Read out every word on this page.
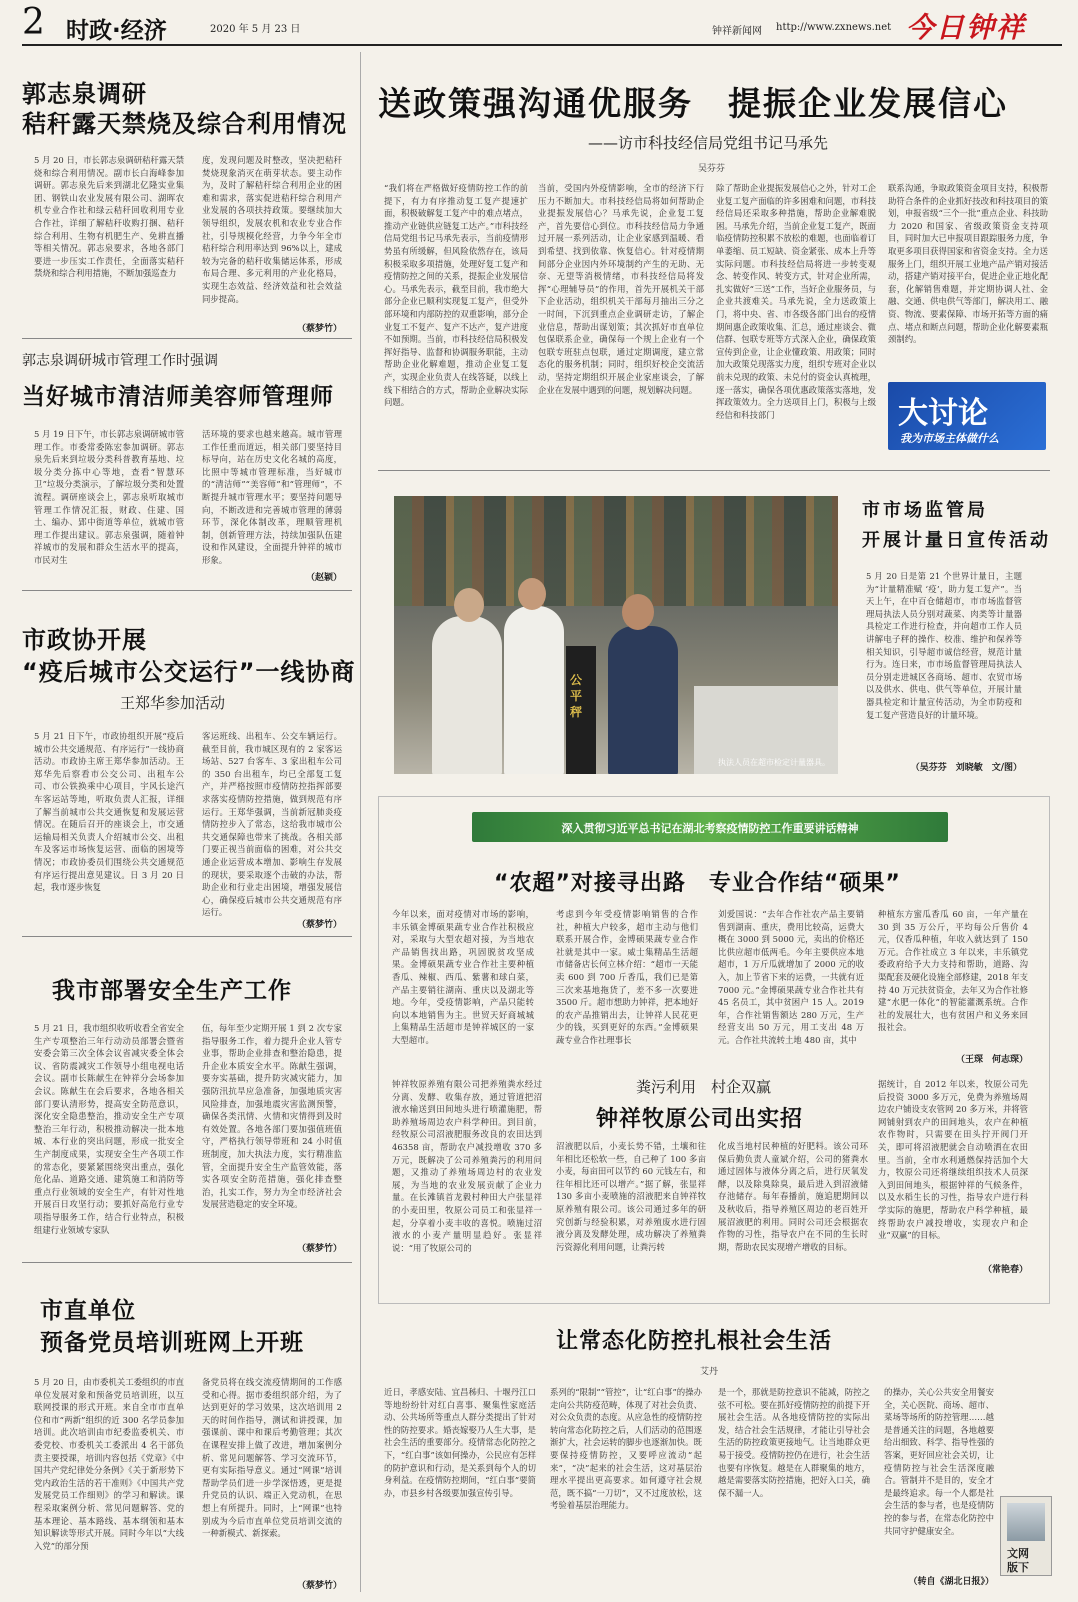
2 时政·经济	2020 年 5 月 23 日	钟祥新闻网 http://www.zxnews.net 今日钟祥
郭志泉调研
秸秆露天禁烧及综合利用情况
5 月 20 日，市长郭志泉调研秸秆露天禁烧和综合利用情况。副市长白海峰参加调研。郭志泉先后来到湖北亿隆实业集团、钢铁山农业发展有限公司、湖晖农机专业合作社和绿云秸秆回收利用专业合作社，详细了解秸秆收购打捆、秸秆综合利用、生物有机肥生产、免耕直播等相关情况。郭志泉要求，各地各部门要进一步压实工作责任，全面落实秸秆禁烧和综合利用措施，不断加强巡查力
度，发现问题及时整改，坚决把秸秆焚烧现象消灭在萌芽状态。要主动作为，及时了解秸秆综合利用企业的困难和需求，落实促进秸秆综合利用产业发展的各项扶持政策。要继续加大领导组织，发展农机和农业专业合作社，引导规模化经营，力争今年全市秸秆综合利用率达到 96%以上，建成较为完备的秸秆收集储运体系，形成布局合理、多元利用的产业化格局，实现生态效益、经济效益和社会效益同步提高。
（蔡梦竹）
郭志泉调研城市管理工作时强调
当好城市清洁师美容师管理师
5 月 19 日下午，市长郭志泉调研城市管理工作。市委常委陈宏参加调研。郭志泉先后来到垃圾分类科普教育基地、垃圾分类分拣中心等地，查看“智慧环卫”垃圾分类演示，了解垃圾分类和处置流程。调研座谈会上，郭志泉听取城市管理工作情况汇报，财政、住建、国土、编办、郢中街道等单位，就城市管理工作提出建议。郭志泉强调，随着钟祥城市的发展和群众生活水平的提高，市民对生
活环境的要求也越来越高。城市管理工作任重而道远，相关部门要坚持目标导向，站在历史文化名城的高度，比照中等城市管理标准，当好城市的“清洁师”“美容师”和“管理师”，不断提升城市管理水平；要坚持问题导向，不断改进和完善城市管理的薄弱环节，深化体制改革，理顺管理机制，创新管理方法，持续加强队伍建设和作风建设，全面提升钟祥的城市形象。
（赵颖）
市政协开展
“疫后城市公交运行”一线协商
王郑华参加活动
5 月 21 日下午，市政协组织开展“疫后城市公共交通规范、有序运行”一线协商活动。市政协主席王郑华参加活动。王郑华先后察看市公交公司、出租车公司、市公铁换乘中心项目，宇风长途汽车客运站等地，听取负责人汇报，详细了解当前城市公共交通恢复和发展运营情况。在随后召开的座谈会上，市交通运输局相关负责人介绍城市公交、出租车及客运市场恢复运营、面临的困境等情况；市政协委员们围绕公共交通规范有序运行提出意见建议。日 3 月 20 日起，我市逐步恢复
客运班线、出租车、公交车辆运行。截至目前，我市城区现有的 2 家客运场站、527 台客车、3 家出租车公司的 350 台出租车，均已全部复工复产，并严格按照市疫情防控指挥部要求落实疫情防控措施，做到规范有序运行。王郑华强调，当前新冠肺炎疫情防控步入了常态，这给我市城市公共交通保障也带来了挑战。各相关部门要正视当前面临的困难，对公共交通企业运营成本增加、影响生存发展的现状，要采取逐个击破的办法，帮助企业和行业走出困境，增强发展信心，确保疫后城市公共交通规范有序运行。
（蔡梦竹）
我市部署安全生产工作
5 月 21 日，我市组织收听收看全省安全生产专项整治三年行动动员部署会暨省安委会第三次全体会议省减灾委全体会议、省防震减灾工作领导小组电视电话会议。副市长陈献生在钟祥分会场参加会议。陈献生在会后要求，各地各相关部门要认清形势，提高安全防范意识，深化安全隐患整治，推动安全生产专项整治三年行动，积极推动解决一批本地城、本行业的突出问题，形成一批安全生产制度成果，实现安全生产各项工作的常态化，要紧紧围绕突出重点，强化危化品、道路交通、建筑施工和消防等重点行业领域的安全生产，有针对性地开展百日攻坚行动；要抓好高危行业专项指导服务工作，结合行业特点，积极组建行业领域专家队
伍，每年至少定期开展 1 到 2 次专家指导服务工作，着力提升企业人管专业事，帮助企业排查和整治隐患，提升企业本质安全水平。陈献生强调，要夯实基础，提升防灾减灾能力，加强防汛抗旱应急准备，加强地质灾害风险排查，加强地震灾害监测预警，确保各类汛情、火情和灾情得到及时有效处置。各地各部门要加强值班值守，严格执行领导带班和 24 小时值班制度，加大执法力度，实行精准监管，全面提升安全生产监管效能，落实各项安全防范措施，强化排查整治，扎实工作，努力为全市经济社会发展营造稳定的安全环境。
（蔡梦竹）
市直单位
预备党员培训班网上开班
5 月 20 日，由市委机关工委组织的市直单位发展对象和预备党员培训班，以互联网授课的形式开班。来自全市市直单位和市“两新”组织的近 300 名学员参加培训。此次培训由市纪委监委机关、市委党校、市委机关工委派出 4 名干部负责主要授课，培训内容包括《党章》《中国共产党纪律处分条例》《关于新形势下党内政治生活的若干准则》《中国共产党发展党员工作细则》的学习和解读。课程采取案例分析、常见问题解答、党的基本理论、基本路线、基本纲领和基本知识解读等形式开展。同时今年以“大线入党”的部分预
备党员将在线交流疫情期间的工作感受和心得。据市委组织部介绍，为了达到更好的学习效果，这次培训用 2 天的时间作指导，测试和讲授课，加强课前、课中和课后考勤管理；其次在课程安排上做了改进，增加案例分析、常见问题解答、学习交流环节，更有实际指导意义。通过“网课”培训帮助学员们进一步学深悟透，更是提升党员的认识、端正入党动机，在思想上有所提升。同时，上“网课”也特别成为今后市直单位党员培训交流的一种新模式、新探索。
（蔡梦竹）
送政策强沟通优服务　提振企业发展信心
——访市科技经信局党组书记马承先
吴芬芬
“我们将在严格做好疫情防控工作的前提下，有力有序推动复工复产提速扩面，积极破解复工复产中的难点堵点，推动产业链供应链复工达产。”市科技经信局党组书记马承先表示，当前疫情形势虽有所缓解，但风险依然存在，该局积极采取多项措施，处理好复工复产和疫情防控之间的关系，提振企业发展信心。马承先表示，截至目前，我市绝大部分企业已顺利实现复工复产，但受外部环境和内部防控的双重影响，部分企业复工不复产、复产不达产，复产进度不如预期。当前，市科技经信局积极发挥好指导、监督和协调服务职能，主动帮助企业化解难题，推动企业复工复产，实现企业负责人在线答疑，以线上线下相结合的方式，帮助企业解决实际问题。
当前，受国内外疫情影响，全市的经济下行压力不断加大。市科技经信局将如何帮助企业提振发展信心？马承先说，企业复工复产，首先要信心到位。市科技经信局力争通过开展一系列活动，让企业家感到温暖、看到希望、找到依靠、恢复信心。针对疫情期间部分企业因内外环境制约产生的无助、无奈、无望等消极情绪，市科技经信局将发挥“心理辅导员”的作用，首先开展机关干部下企业活动，组织机关干部每月抽出三分之一时间，下沉到重点企业调研走访，了解企业信息，帮助出谋划策；其次抓好市直单位包保联系企业，确保每一个规上企业有一个包联专班驻点包联，通过定期调度，建立常态化的服务机制；同时，组织好校企交流活动，坚持定期组织开展企业家座谈会，了解企业在发展中遇到的问题，规划解决问题。
除了帮助企业提振发展信心之外，针对工企业复工复产面临的许多困难和问题，市科技经信局还采取多种措施，帮助企业解难脱困。马承先介绍，当前企业复工复产，既面临疫情防控积累不放松的难题，也面临着订单萎缩、员工短缺、资金紧张、成本上升等实际问题。市科技经信局将进一步转变观念、转变作风、转变方式，针对企业所需，扎实做好“三送”工作，当好企业服务员，与企业共渡难关。马承先说，全力送政策上门，将中央、省、市各级各部门出台的疫情期间惠企政策收集、汇总，通过座谈会、微信群、包联专班等方式深入企业，确保政策宣传到企业，让企业懂政策、用政策；同时加大政策兑现落实力度，组织专班对企业以前未兑现的政策、未兑付的资金认真梳理，逐一落实，确保各项优惠政策落实落地，发挥政策效力。全力送项目上门，积极与上级经信和科技部门
联系沟通，争取政策资金项目支持，积极帮助符合条件的企业抓好技改和科技项目的策划，申报省级“三个一批”重点企业、科技助力 2020 和国家、省级政策资金支持项目，同时加大已申报项目跟踪服务力度，争取更多项目获得国家和省资金支持。全力送服务上门，组织开展工业地产品产销对接活动，搭建产销对接平台，促进企业正地化配套，化解销售难题，并定期协调人社、金融、交通、供电供气等部门，解决用工、融资、物流、要素保障、市场开拓等方面的痛点、堵点和断点问题，帮助企业化解要素瓶颈制约。
大讨论
我为市场主体做什么
公平秤
执法人员在超市检定计量器具。
市市场监管局
开展计量日宣传活动
5 月 20 日是第 21 个世界计量日，主题为“计量精准赋 ‘疫’，助力复工复产”。当天上午，在中百仓储超市，市市场监督管理局执法人员分别对蔬菜、肉类等计量器具检定工作进行检查，并向超市工作人员讲解电子秤的操作、校准、维护和保养等相关知识，引导超市诚信经营，规范计量行为。连日来，市市场监督管理局执法人员分别走进城区各商场、超市、农贸市场以及供水、供电、供气等单位，开展计量器具检定和计量宣传活动，为全市防疫和复工复产营造良好的计量环境。
（吴芬芬　刘晓敏　文/图）
深入贯彻习近平总书记在湖北考察疫情防控工作重要讲话精神
“农超”对接寻出路　专业合作结“硕果”
今年以来，面对疫情对市场的影响，丰乐镇金博硕果蔬专业合作社积极应对，采取与大型农超对接，为当地农产品销售找出路，巩固脱贫攻坚成果。金博硕果蔬专业合作社主要种植香瓜、辣椒、西瓜、紫薯和球白菜，产品主要销往湖南、重庆以及湖北等地。今年，受疫情影响，产品只能转向以本地销售为主。世贸天好商城城上集精品生活超市是钟祥城区的一家大型超市。
考虑到今年受疫情影响销售的合作社，种植大户较多，超市主动与他们联系开展合作，金博硕果蔬专业合作社就是其中一家。威士集精品生活超市储备店长何立林介绍：“超市一天能卖 600 到 700 斤香瓜，我们已是第三次来基地拖货了，差不多一次要进 3500 斤。超市想助力钟祥，把本地好的农产品推销出去，让钟祥人民花更少的钱，买到更好的东西。”金博硕果蔬专业合作社理事长
刘爱国说：“去年合作社农产品主要销售到湖南、重庆，费用比较高，运费大概在 3000 到 5000 元，卖出的价格还比供应超市低两毛。今年主要供应本地超市，1 万斤瓜就增加了 2000 元的收入，加上节省下来的运费，一共就有近 7000 元。”金博硕果蔬专业合作社共有 45 名员工，其中贫困户 15 人。2019 年，合作社销售额达 280 万元，生产经营支出 50 万元，用工支出 48 万元。合作社共流转土地 480 亩，其中
种植东方蜜瓜香瓜 60 亩，一年产量在 30 到 35 万公斤，平均每公斤售价 4 元，仅香瓜种植，年收入就达到了 150 万元。合作社成立 3 年以来，丰乐镇党委政府给予大力支持和帮助，道路、沟渠配套及硬化设施全部修建，2018 年支持 40 万元扶贫资金，去年又为合作社修建“水肥一体化”的智能灌溉系统。合作社的发展壮大，也有贫困户和义务来回报社会。
（王琛　何志琛）
粪污利用　村企双赢
钟祥牧原公司出实招
钟祥牧原养殖有限公司把养殖粪水经过分离、发酵、收集存放，通过管道把沼液水输送到田间地头进行喷灌施肥，帮助养殖场周边农户科学种田。到目前，经牧原公司沼液肥服务改良的农田达到 46358 亩，帮助农户减投增收 370 多万元，既解决了公司养殖粪污的利用问题，又推动了养殖场周边村的农业发展，为当地的农业发展贡献了企业力量。在长滩镇首龙毅村种田大户张显祥的小麦田里，牧原公司员工和张显祥一起，分享着小麦丰收的喜悦。喷施过沼液水的小麦产量明显趋好。张显祥说：“用了牧原公司的
沼液肥以后，小麦长势不错，土壤和往年相比还松软一些，自己种了 100 多亩小麦，每亩田可以节约 60 元钱左右，和往年相比还可以增产。”据了解，张显祥 130 多亩小麦喷施的沼液肥来自钟祥牧原养殖有限公司。该公司通过多年的研究创新与经验积累，对养殖废水进行固液分离及发酵处理，成功解决了养殖粪污资源化利用问题，让粪污转
化成当地村民种植的好肥料。该公司环保后勤负责人童斌介绍，公司的猪粪水通过固体与液体分离之后，进行厌氧发酵，以及除臭除臭，最后进入到沼液储存池储存。每年春播前，施追肥期间以及秋收后，指导养殖区周边的老百姓开展沼液肥的利用。同时公司还会根据农作物的习性，指导农户在不同的生长时期，帮助农民实现增产增收的目标。
据统计，自 2012 年以来，牧原公司先后投资 3000 多万元，免费为养殖场周边农户铺设支农管网 20 多万米，并将管网铺射到农户的田间地头，农户在种植农作物时，只需要在田头拧开阀门开关，即可将沼液肥就会自动喷洒在农田里。当前，全市水利通燃保持活加个大力，牧原公司还将继续组织技术人员深入到田间地头，根据钟祥的气候条件，以及水稻生长的习性，指导农户进行科学实际的施肥，帮助农户科学种植，最终帮助农户减投增收，实现农户和企业“双赢”的目标。
（常艳春）
让常态化防控扎根社会生活
艾丹
近日，孝感安陆、宜昌秭归、十堰丹江口等地纷纷针对红白喜事、聚集性家庭活动、公共场所等重点人群分类提出了针对性的防控要求。婚丧嫁娶乃人生大事，是社会生活的重要部分。疫情常态化防控之下，“红白事”该如何操办，公民应有怎样的防护意识和行动，是关系到每个人的切身利益。在疫情防控期间，“红白事”要简办，市县乡村各级要加强宣传引导。
系列的“限制”“管控”，让“红白事”的操办走向公共防疫范畴，体现了对社会负责、对公众负责的态度。从应急性的疫情防控转向常态化防控之后，人们活动的范围逐渐扩大，社会运转的脚步也逐渐加快。既要保持疫情防控，又要呼应流动“起来”，“决”起来的社会生活，这对基层治理水平提出更高要求。如何遵守社会规范，既不搞“一刀切”，又不过度放松，这考验着基层治理能力。
是一个，那就是防控意识不能减，防控之弦不可松。要在抓好疫情防控的前提下开展社会生活。从各地疫情防控的实际出发，结合社会生活规律，才能让引导社会生活的防控政策更接地气。让当地群众更易于接受。疫情防控仍在进行，社会生活也要有序恢复。越是在人群聚集的地方，越是需要落实防控措施，把好入口关，确保不漏一人。
的操办，关心公共安全用餐安全，关心医院、商场、超市、菜场等场所的防控管理……越是普通关注的问题，各地越要给出细致、科学、指导性强的答案，更好回应社会关切，让疫情防控与社会生活深度融合。管制并不是目的，安全才是最终追求。每一个人都是社会生活的参与者，也是疫情防控的参与者，在常态化防控中共同守护健康安全。
（转自《湖北日报》）
文网
版下
